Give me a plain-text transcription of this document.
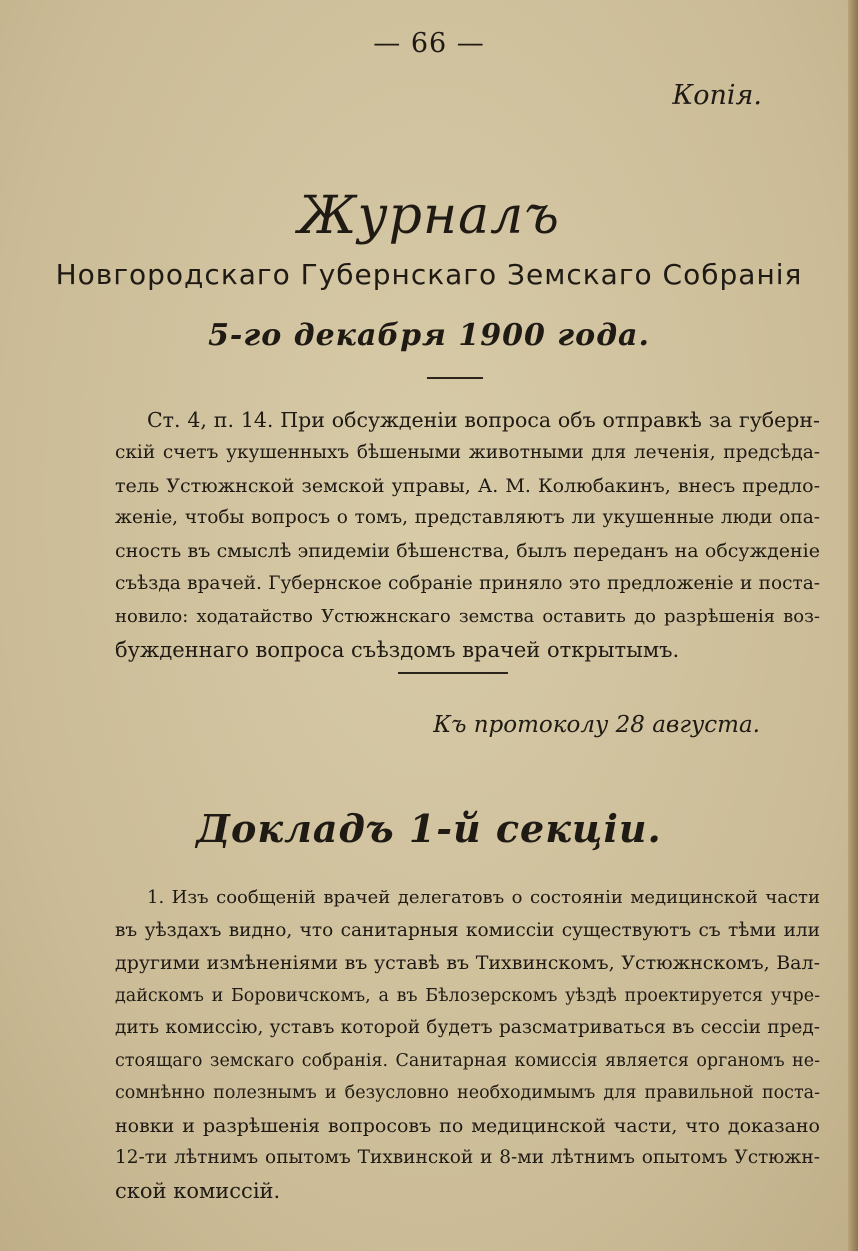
— 66 —
Копія.
Журналъ
Новгородскаго Губернскаго Земскаго Собранія
5-го декабря 1900 года.
Ст. 4, п. 14. При обсужденіи вопроса объ отправкѣ за губерн-
скій счетъ укушенныхъ бѣшеными животными для леченія, предсѣда-
тель Устюжнской земской управы, А. М. Колюбакинъ, внесъ предло-
женіе, чтобы вопросъ о томъ, представляютъ ли укушенные люди опа-
сность въ смыслѣ эпидеміи бѣшенства, былъ переданъ на обсужденіе
съѣзда врачей. Губернское собраніе приняло это предложеніе и поста-
новило: ходатайство Устюжнскаго земства оставить до разрѣшенія воз-
бужденнаго вопроса съѣздомъ врачей открытымъ.
Къ протоколу 28 августа.
Докладъ 1-й секціи.
1. Изъ сообщеній врачей делегатовъ о состояніи медицинской части
въ уѣздахъ видно, что санитарныя комиссіи существуютъ съ тѣми или
другими измѣненіями въ уставѣ въ Тихвинскомъ, Устюжнскомъ, Вал-
дайскомъ и Боровичскомъ, а въ Бѣлозерскомъ уѣздѣ проектируется учре-
дить комиссію, уставъ которой будетъ разсматриваться въ сессіи пред-
стоящаго земскаго собранія. Санитарная комиссія является органомъ не-
сомнѣнно полезнымъ и безусловно необходимымъ для правильной поста-
новки и разрѣшенія вопросовъ по медицинской части, что доказано
12-ти лѣтнимъ опытомъ Тихвинской и 8-ми лѣтнимъ опытомъ Устюжн-
ской комиссій.
